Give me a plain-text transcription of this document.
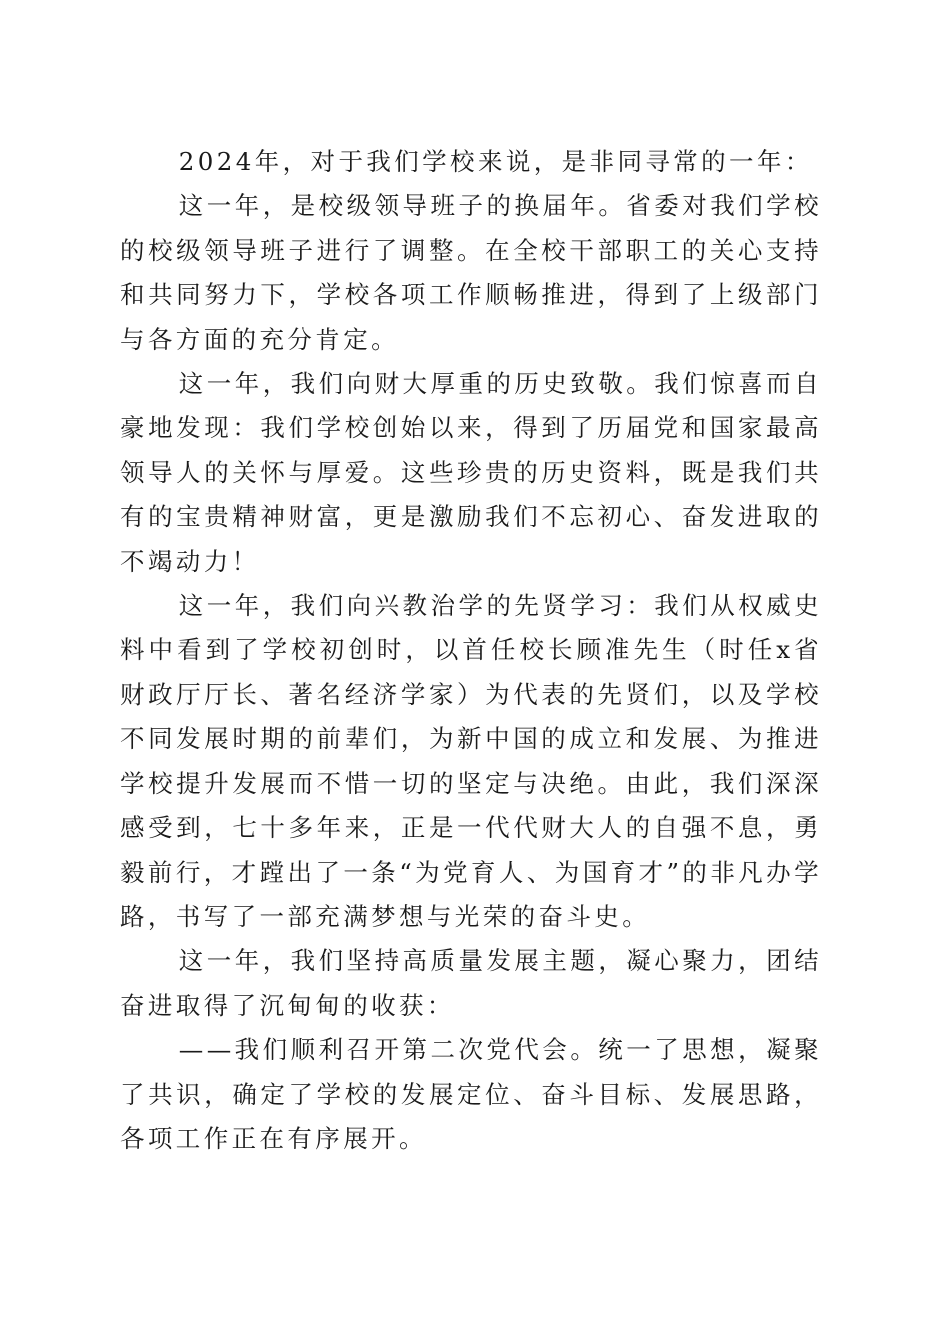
2024年，对于我们学校来说，是非同寻常的一年：

这一年，是校级领导班子的换届年。省委对我们学校的校级领导班子进行了调整。在全校干部职工的关心支持和共同努力下，学校各项工作顺畅推进，得到了上级部门与各方面的充分肯定。

这一年，我们向财大厚重的历史致敬。我们惊喜而自豪地发现：我们学校创始以来，得到了历届党和国家最高领导人的关怀与厚爱。这些珍贵的历史资料，既是我们共有的宝贵精神财富，更是激励我们不忘初心、奋发进取的不竭动力！

这一年，我们向兴教治学的先贤学习：我们从权威史料中看到了学校初创时，以首任校长顾准先生（时任x省财政厅厅长、著名经济学家）为代表的先贤们，以及学校不同发展时期的前辈们，为新中国的成立和发展、为推进学校提升发展而不惜一切的坚定与决绝。由此，我们深深感受到，七十多年来，正是一代代财大人的自强不息，勇毅前行，才蹚出了一条“为党育人、为国育才”的非凡办学路，书写了一部充满梦想与光荣的奋斗史。

这一年，我们坚持高质量发展主题，凝心聚力，团结奋进取得了沉甸甸的收获：

——我们顺利召开第二次党代会。统一了思想，凝聚了共识，确定了学校的发展定位、奋斗目标、发展思路，各项工作正在有序展开。
